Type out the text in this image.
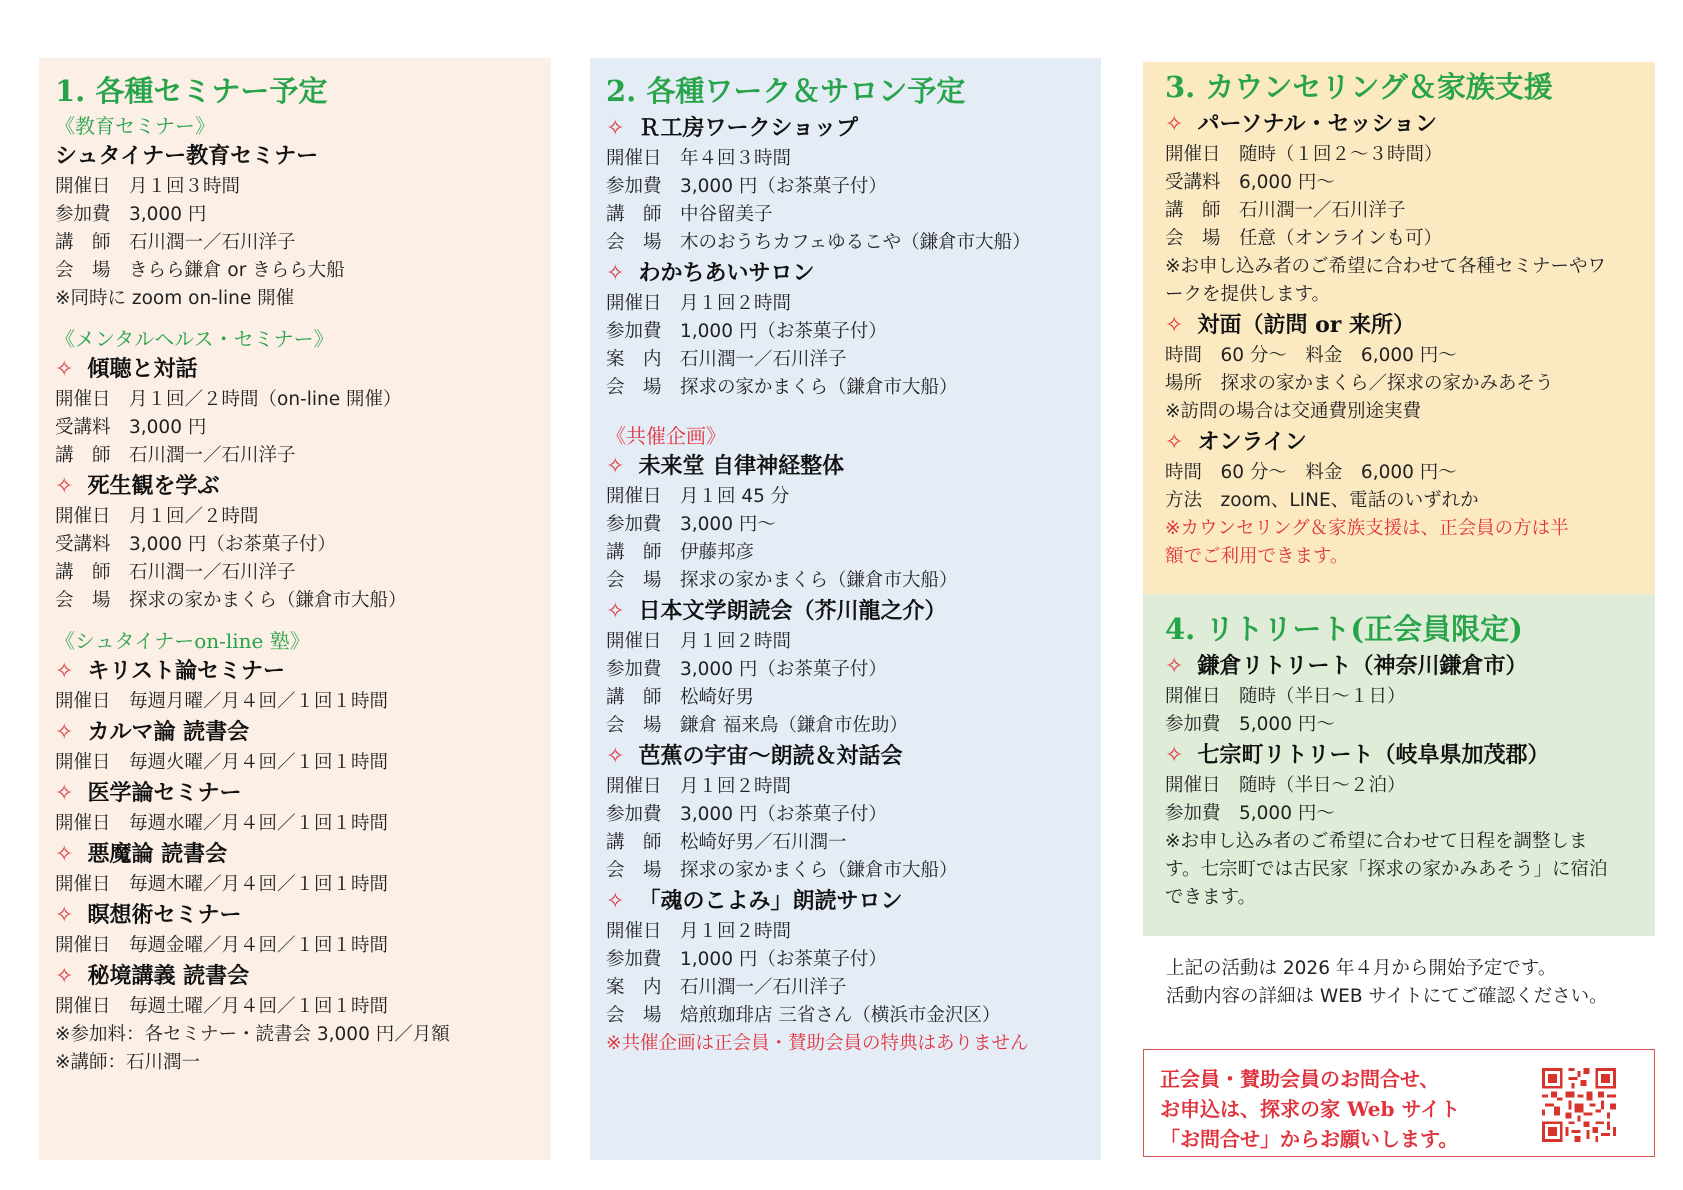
1. 各種セミナー予定
《教育セミナー》
シュタイナー教育セミナー
開催日　月１回３時間
参加費　3,000 円
講　師　石川潤一／石川洋子
会　場　きらら鎌倉 or きらら大船
※同時に zoom on-line 開催
《メンタルヘルス・セミナー》
✧ 傾聴と対話
開催日　月１回／２時間（on-line 開催）
受講料　3,000 円
講　師　石川潤一／石川洋子
✧ 死生観を学ぶ
開催日　月１回／２時間
受講料　3,000 円（お茶菓子付）
講　師　石川潤一／石川洋子
会　場　探求の家かまくら（鎌倉市大船）
《シュタイナーon-line 塾》
✧ キリスト論セミナー
開催日　毎週月曜／月４回／１回１時間
✧ カルマ論 読書会
開催日　毎週火曜／月４回／１回１時間
✧ 医学論セミナー
開催日　毎週水曜／月４回／１回１時間
✧ 悪魔論 読書会
開催日　毎週木曜／月４回／１回１時間
✧ 瞑想術セミナー
開催日　毎週金曜／月４回／１回１時間
✧ 秘境講義 読書会
開催日　毎週土曜／月４回／１回１時間
※参加料：各セミナー・読書会 3,000 円／月額
※講師：石川潤一
2. 各種ワーク＆サロン予定
✧ Ｒ工房ワークショップ
開催日　年４回３時間
参加費　3,000 円（お茶菓子付）
講　師　中谷留美子
会　場　木のおうちカフェゆるこや（鎌倉市大船）
✧ わかちあいサロン
開催日　月１回２時間
参加費　1,000 円（お茶菓子付）
案　内　石川潤一／石川洋子
会　場　探求の家かまくら（鎌倉市大船）
《共催企画》
✧ 未来堂 自律神経整体
開催日　月１回 45 分
参加費　3,000 円～
講　師　伊藤邦彦
会　場　探求の家かまくら（鎌倉市大船）
✧ 日本文学朗読会（芥川龍之介）
開催日　月１回２時間
参加費　3,000 円（お茶菓子付）
講　師　松崎好男
会　場　鎌倉 福来鳥（鎌倉市佐助）
✧ 芭蕉の宇宙～朗読＆対話会
開催日　月１回２時間
参加費　3,000 円（お茶菓子付）
講　師　松崎好男／石川潤一
会　場　探求の家かまくら（鎌倉市大船）
✧ 「魂のこよみ」朗読サロン
開催日　月１回２時間
参加費　1,000 円（お茶菓子付）
案　内　石川潤一／石川洋子
会　場　焙煎珈琲店 三省さん（横浜市金沢区）
※共催企画は正会員・賛助会員の特典はありません
3. カウンセリング＆家族支援
✧ パーソナル・セッション
開催日　随時（１回２～３時間）
受講料　6,000 円～
講　師　石川潤一／石川洋子
会　場　任意（オンラインも可）
※お申し込み者のご希望に合わせて各種セミナーやワ
ークを提供します。
✧ 対面（訪問 or 来所）
時間　60 分～　料金　6,000 円～
場所　探求の家かまくら／探求の家かみあそう
※訪問の場合は交通費別途実費
✧ オンライン
時間　60 分～　料金　6,000 円～
方法　zoom、LINE、電話のいずれか
※カウンセリング＆家族支援は、正会員の方は半
額でご利用できます。
4. リトリート(正会員限定)
✧ 鎌倉リトリート（神奈川鎌倉市）
開催日　随時（半日～１日）
参加費　5,000 円～
✧ 七宗町リトリート（岐阜県加茂郡）
開催日　随時（半日～２泊）
参加費　5,000 円～
※お申し込み者のご希望に合わせて日程を調整しま
す。七宗町では古民家「探求の家かみあそう」に宿泊
できます。
上記の活動は 2026 年４月から開始予定です。
活動内容の詳細は WEB サイトにてご確認ください。
正会員・賛助会員のお問合せ、
お申込は、探求の家 Web サイト
「お問合せ」からお願いします。
